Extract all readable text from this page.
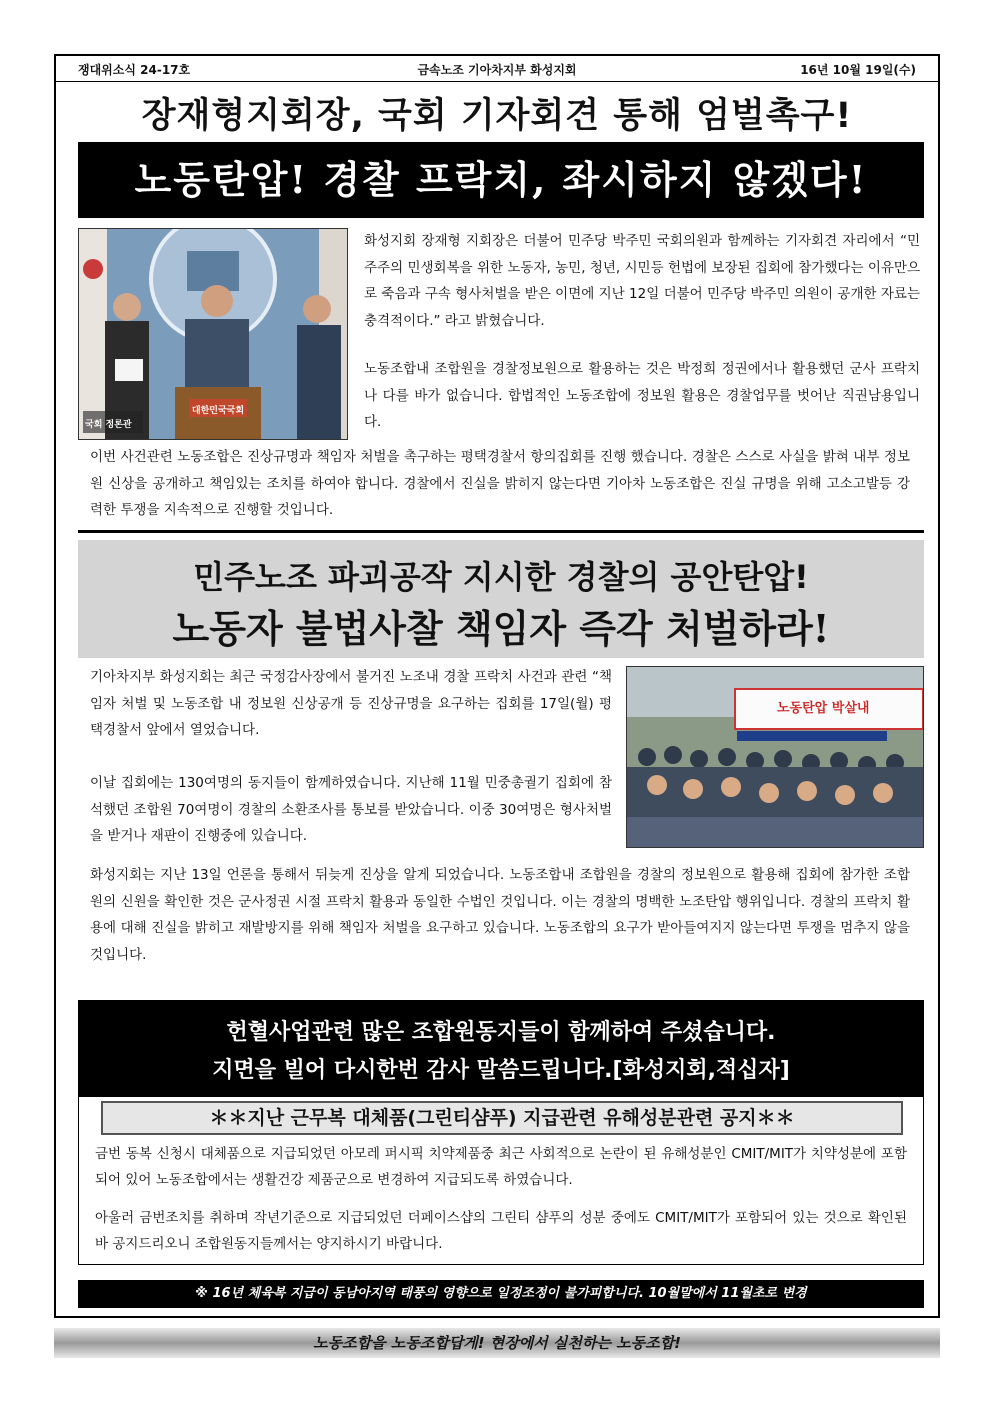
쟁대위소식 24-17호	금속노조 기아차지부 화성지회	16년 10월 19일(수)
장재형지회장, 국회 기자회견 통해 엄벌촉구!
노동탄압! 경찰 프락치, 좌시하지 않겠다!
대한민국국회
국회 정론관

화성지회 장재형 지회장은 더불어 민주당 박주민 국회의원과 함께하는 기자회견 자리에서 “민주주의 민생회복을 위한 노동자, 농민, 청년, 시민등 헌법에 보장된 집회에 참가했다는 이유만으로 죽음과 구속 형사처벌을 받은 이면에 지난 12일 더불어 민주당 박주민 의원이 공개한 자료는 충격적이다.” 라고 밝혔습니다.

노동조합내 조합원을 경찰정보원으로 활용하는 것은 박정희 정권에서나 활용했던 군사 프락치나 다를 바가 없습니다. 합법적인 노동조합에 정보원 활용은 경찰업무를 벗어난 직권남용입니다.

이번 사건관련 노동조합은 진상규명과 책임자 처벌을 촉구하는 평택경찰서 항의집회를 진행 했습니다. 경찰은 스스로 사실을 밝혀 내부 정보원 신상을 공개하고 책임있는 조치를 하여야 합니다. 경찰에서 진실을 밝히지 않는다면 기아차 노동조합은 진실 규명을 위해 고소고발등 강력한 투쟁을 지속적으로 진행할 것입니다.

민주노조 파괴공작 지시한 경찰의 공안탄압!
노동자 불법사찰 책임자 즉각 처벌하라!

기아차지부 화성지회는 최근 국정감사장에서 불거진 노조내 경찰 프락치 사건과 관련 “책임자 처벌 및 노동조합 내 정보원 신상공개 등 진상규명을 요구하는 집회를 17일(월) 평택경찰서 앞에서 열었습니다.

이날 집회에는 130여명의 동지들이 함께하였습니다. 지난해 11월 민중총궐기 집회에 참석했던 조합원 70여명이 경찰의 소환조사를 통보를 받았습니다. 이중 30여명은 형사처벌을 받거나 재판이 진행중에 있습니다.

노동탄압 박살내

화성지회는 지난 13일 언론을 통해서 뒤늦게 진상을 알게 되었습니다. 노동조합내 조합원을 경찰의 정보원으로 활용해 집회에 참가한 조합원의 신원을 확인한 것은 군사정권 시절 프락치 활용과 동일한 수법인 것입니다. 이는 경찰의 명백한 노조탄압 행위입니다. 경찰의 프락치 활용에 대해 진실을 밝히고 재발방지를 위해 책임자 처벌을 요구하고 있습니다. 노동조합의 요구가 받아들여지지 않는다면 투쟁을 멈추지 않을 것입니다.

헌혈사업관련 많은 조합원동지들이 함께하여 주셨습니다.
지면을 빌어 다시한번 감사 말씀드립니다.[화성지회,적십자]
＊＊지난 근무복 대체품(그린티샴푸) 지급관련 유해성분관련 공지＊＊

금번 동복 신청시 대체품으로 지급되었던 아모레 퍼시픽 치약제품중 최근 사회적으로 논란이 된 유해성분인 CMIT/MIT가 치약성분에 포함되어 있어 노동조합에서는 생활건강 제품군으로 변경하여 지급되도록 하였습니다.

아울러 금번조치를 취하며 작년기준으로 지급되었던 더페이스샵의 그린티 샴푸의 성분 중에도 CMIT/MIT가 포함되어 있는 것으로 확인된바 공지드리오니 조합원동지들께서는 양지하시기 바랍니다.

※ 16년 체육복 지급이 동남아지역 태풍의 영향으로 일정조정이 불가피합니다. 10월말에서 11월초로 변경
노동조합을 노동조합답게! 현장에서 실천하는 노동조합!
